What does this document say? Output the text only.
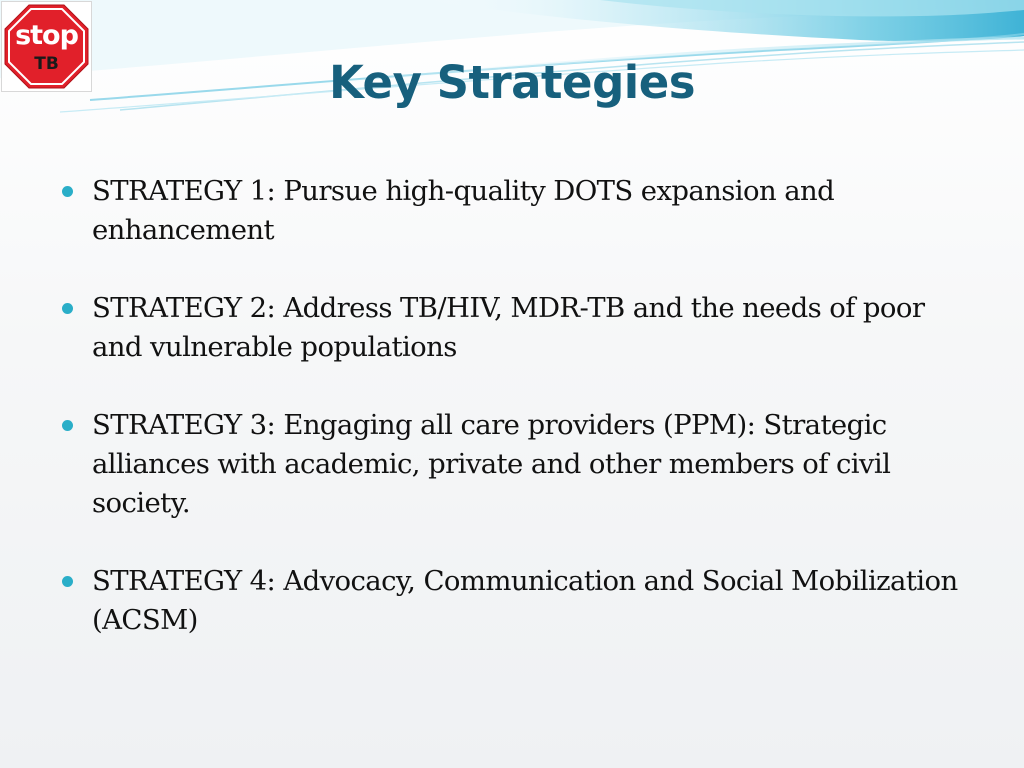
stop
TB	Key Strategies
STRATEGY 1: Pursue high-quality DOTS expansion and enhancement
STRATEGY 2: Address TB/HIV, MDR-TB and the needs of poor and vulnerable populations
STRATEGY 3: Engaging all care providers (PPM): Strategic alliances with academic, private and other members of civil society.
STRATEGY 4: Advocacy, Communication and Social Mobilization (ACSM)
